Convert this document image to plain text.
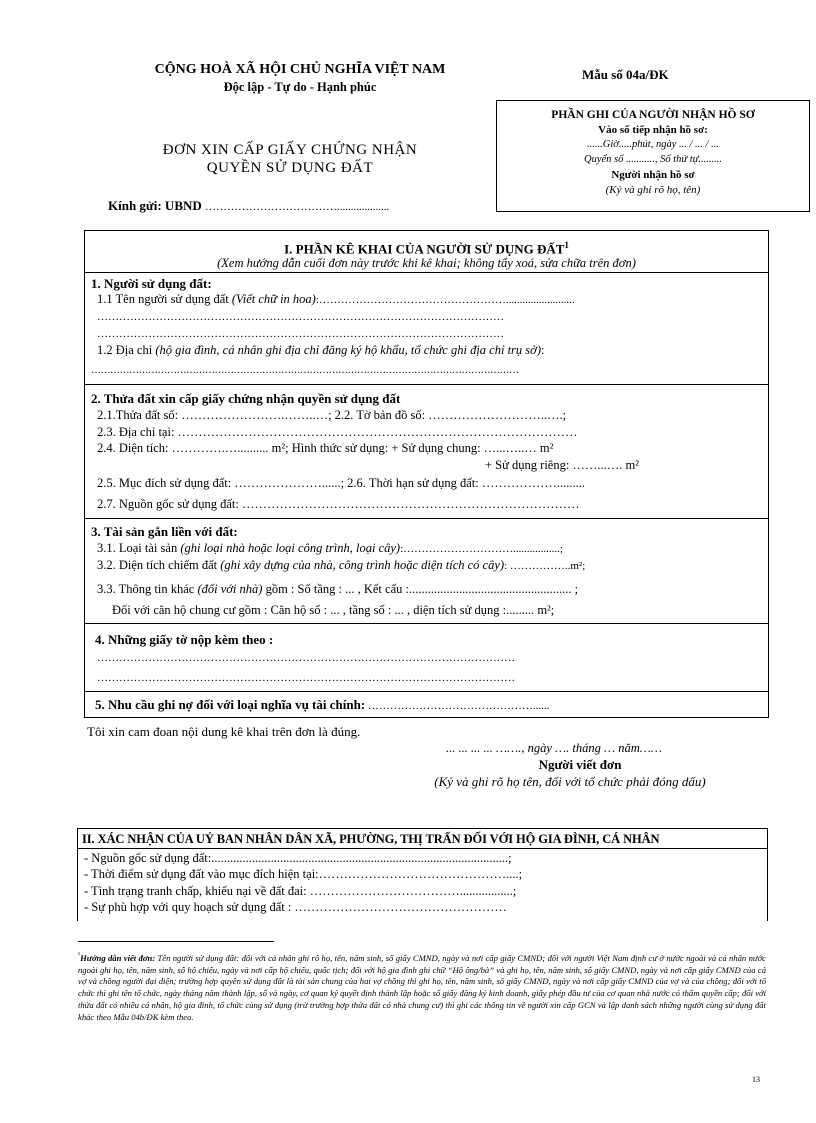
CỘNG HOÀ XÃ HỘI CHỦ NGHĨA VIỆT NAM
Độc lập - Tự do - Hạnh phúc
Mẫu số 04a/ĐK
ĐƠN XIN CẤP GIẤY CHỨNG NHẬN
QUYỀN SỬ DỤNG ĐẤT
Kính gửi: UBND ………………………………...................
PHẦN GHI CỦA NGƯỜI NHẬN HỒ SƠ
Vào sổ tiếp nhận hồ sơ:
......Giờ.....phút, ngày ... / ... / ...
Quyển số ..........., Số thứ tự.........
Người nhận hồ sơ
(Ký và ghi rõ họ, tên)
I. PHẦN KÊ KHAI CỦA NGƯỜI SỬ DỤNG ĐẤT$^1$
(Xem hướng dẫn cuối đơn này trước khi kê khai; không tẩy xoá, sửa chữa trên đơn)
1. Người sử dụng đất:
1.1 Tên người sử dụng đất (Viết chữ in hoa):…………………………………………….........................
…………………………………………………………………………………………………
…………………………………………………………………………………………………
1.2 Địa chỉ (hộ gia đình, cá nhân ghi địa chỉ đăng ký hộ khẩu, tổ chức ghi địa chỉ trụ sở):
………………………………………………………………………………………………………………………
2. Thửa đất xin cấp giấy chứng nhận quyền sử dụng đất
2.1.Thửa đất số: …………………….……..…; 2.2. Tờ bản đồ số: ………………………..….;
2.3. Địa chỉ tại: ……………………………………………………………………………………
2.4. Diện tích: ………….….......... m²; Hình thức sử dụng: + Sử dụng chung: …...…..… m²
+ Sử dụng riêng: ……...…. m²
2.5. Mục đích sử dụng đất: …………………......; 2.6. Thời hạn sử dụng đất: ……………….........
2.7. Nguồn gốc sử dụng đất: ………………………………………………………………………
3. Tài sản gắn liền với đất:
3.1. Loại tài sản (ghi loại nhà hoặc loại công trình, loại cây):………………………….................;
3.2. Diện tích chiếm đất (ghi xây dựng của nhà, công trình hoặc diện tích có cây): ……………..m²;
3.3. Thông tin khác (đối với nhà) gồm : Số tầng : ... , Kết cấu :.................................................... ;
Đối với căn hộ chung cư gồm : Căn hộ số : ... , tầng số : ... , diện tích sử dụng :......... m²;
4. Những giấy tờ nộp kèm theo :
……………………………………………………………………………………………………
……………………………………………………………………………………………………
5. Nhu cầu ghi nợ đối với loại nghĩa vụ tài chính: ………………………………………......
Tôi xin cam đoan nội dung kê khai trên đơn là đúng.
... ... ... ... ……., ngày …. tháng … năm……
Người viết đơn
(Ký và ghi rõ họ tên, đối với tổ chức phải đóng dấu)
II. XÁC NHẬN CỦA UỶ BAN NHÂN DÂN XÃ, PHƯỜNG, THỊ TRẤN ĐỐI VỚI HỘ GIA ĐÌNH, CÁ NHÂN
- Nguồn gốc sử dụng đất:...............................................................................................;
- Thời điểm sử dụng đất vào mục đích hiện tại:………………………………………....;
- Tình trạng tranh chấp, khiếu nại về đất đai: ……………………………….................;
- Sự phù hợp với quy hoạch sử dụng đất : ……………………………………………
$^{^1}$Hướng dẫn viết đơn: Tên người sử dụng đất: đối với cá nhân ghi rõ họ, tên, năm sinh, số giấy CMND, ngày và nơi cấp giấy CMND; đối với người Việt Nam định cư ở nước ngoài và cá nhân nước ngoài ghi họ, tên, năm sinh, số hộ chiếu, ngày và nơi cấp hộ chiếu, quốc tịch; đối với hộ gia đình ghi chữ “Hộ ông/bà” và ghi họ, tên, năm sinh, số giấy CMND, ngày và nơi cấp giấy CMND của cả vợ và chồng người đại diện; trường hợp quyền sử dụng đất là tài sản chung của hai vợ chồng thì ghi họ, tên, năm sinh, số giấy CMND, ngày và nơi cấp giấy CMND của vợ và của chồng; đối với tổ chức thì ghi tên tổ chức, ngày tháng năm thành lập, số và ngày, cơ quan ký quyết định thành lập hoặc số giấy đăng ký kinh doanh, giấy phép đầu tư của cơ quan nhà nước có thẩm quyền cấp; đối với thửa đất có nhiều cá nhân, hộ gia đình, tổ chức cùng sử dụng (trừ trường hợp thửa đất có nhà chung cư) thì ghi các thông tin về người xin cấp GCN và lập danh sách những người cùng sử dụng đất khác theo Mẫu 04b/ĐK kèm theo.
13
